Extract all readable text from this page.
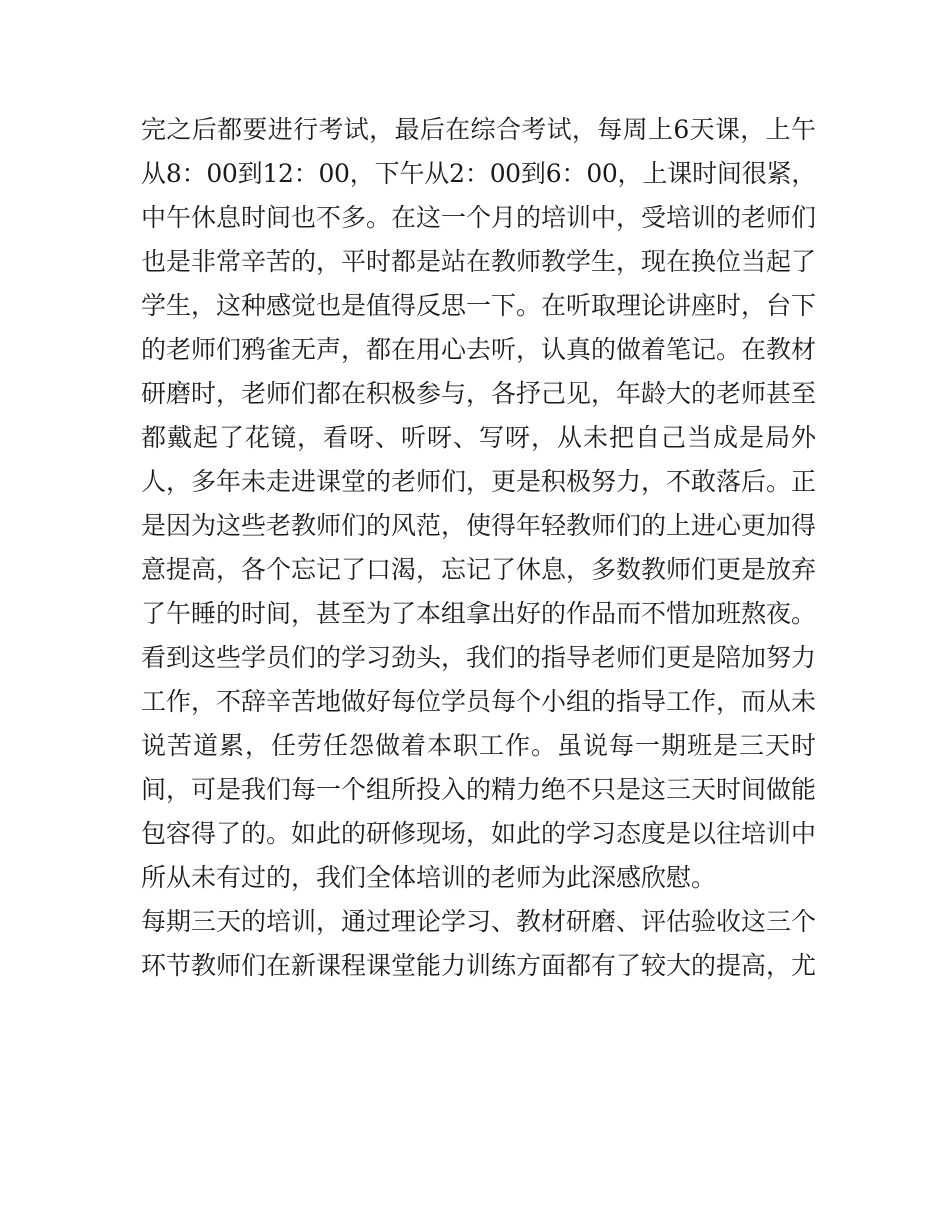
完之后都要进行考试，最后在综合考试，每周上6天课，上午

从8：00到12：00，下午从2：00到6：00，上课时间很紧，

中午休息时间也不多。在这一个月的培训中，受培训的老师们

也是非常辛苦的，平时都是站在教师教学生，现在换位当起了

学生，这种感觉也是值得反思一下。在听取理论讲座时，台下

的老师们鸦雀无声，都在用心去听，认真的做着笔记。在教材

研磨时，老师们都在积极参与，各抒己见，年龄大的老师甚至

都戴起了花镜，看呀、听呀、写呀，从未把自己当成是局外

人，多年未走进课堂的老师们，更是积极努力，不敢落后。正

是因为这些老教师们的风范，使得年轻教师们的上进心更加得

意提高，各个忘记了口渴，忘记了休息，多数教师们更是放弃

了午睡的时间，甚至为了本组拿出好的作品而不惜加班熬夜。

看到这些学员们的学习劲头，我们的指导老师们更是陪加努力

工作，不辞辛苦地做好每位学员每个小组的指导工作，而从未

说苦道累，任劳任怨做着本职工作。虽说每一期班是三天时

间，可是我们每一个组所投入的精力绝不只是这三天时间做能

包容得了的。如此的研修现场，如此的学习态度是以往培训中

所从未有过的，我们全体培训的老师为此深感欣慰。

每期三天的培训，通过理论学习、教材研磨、评估验收这三个

环节教师们在新课程课堂能力训练方面都有了较大的提高，尤
